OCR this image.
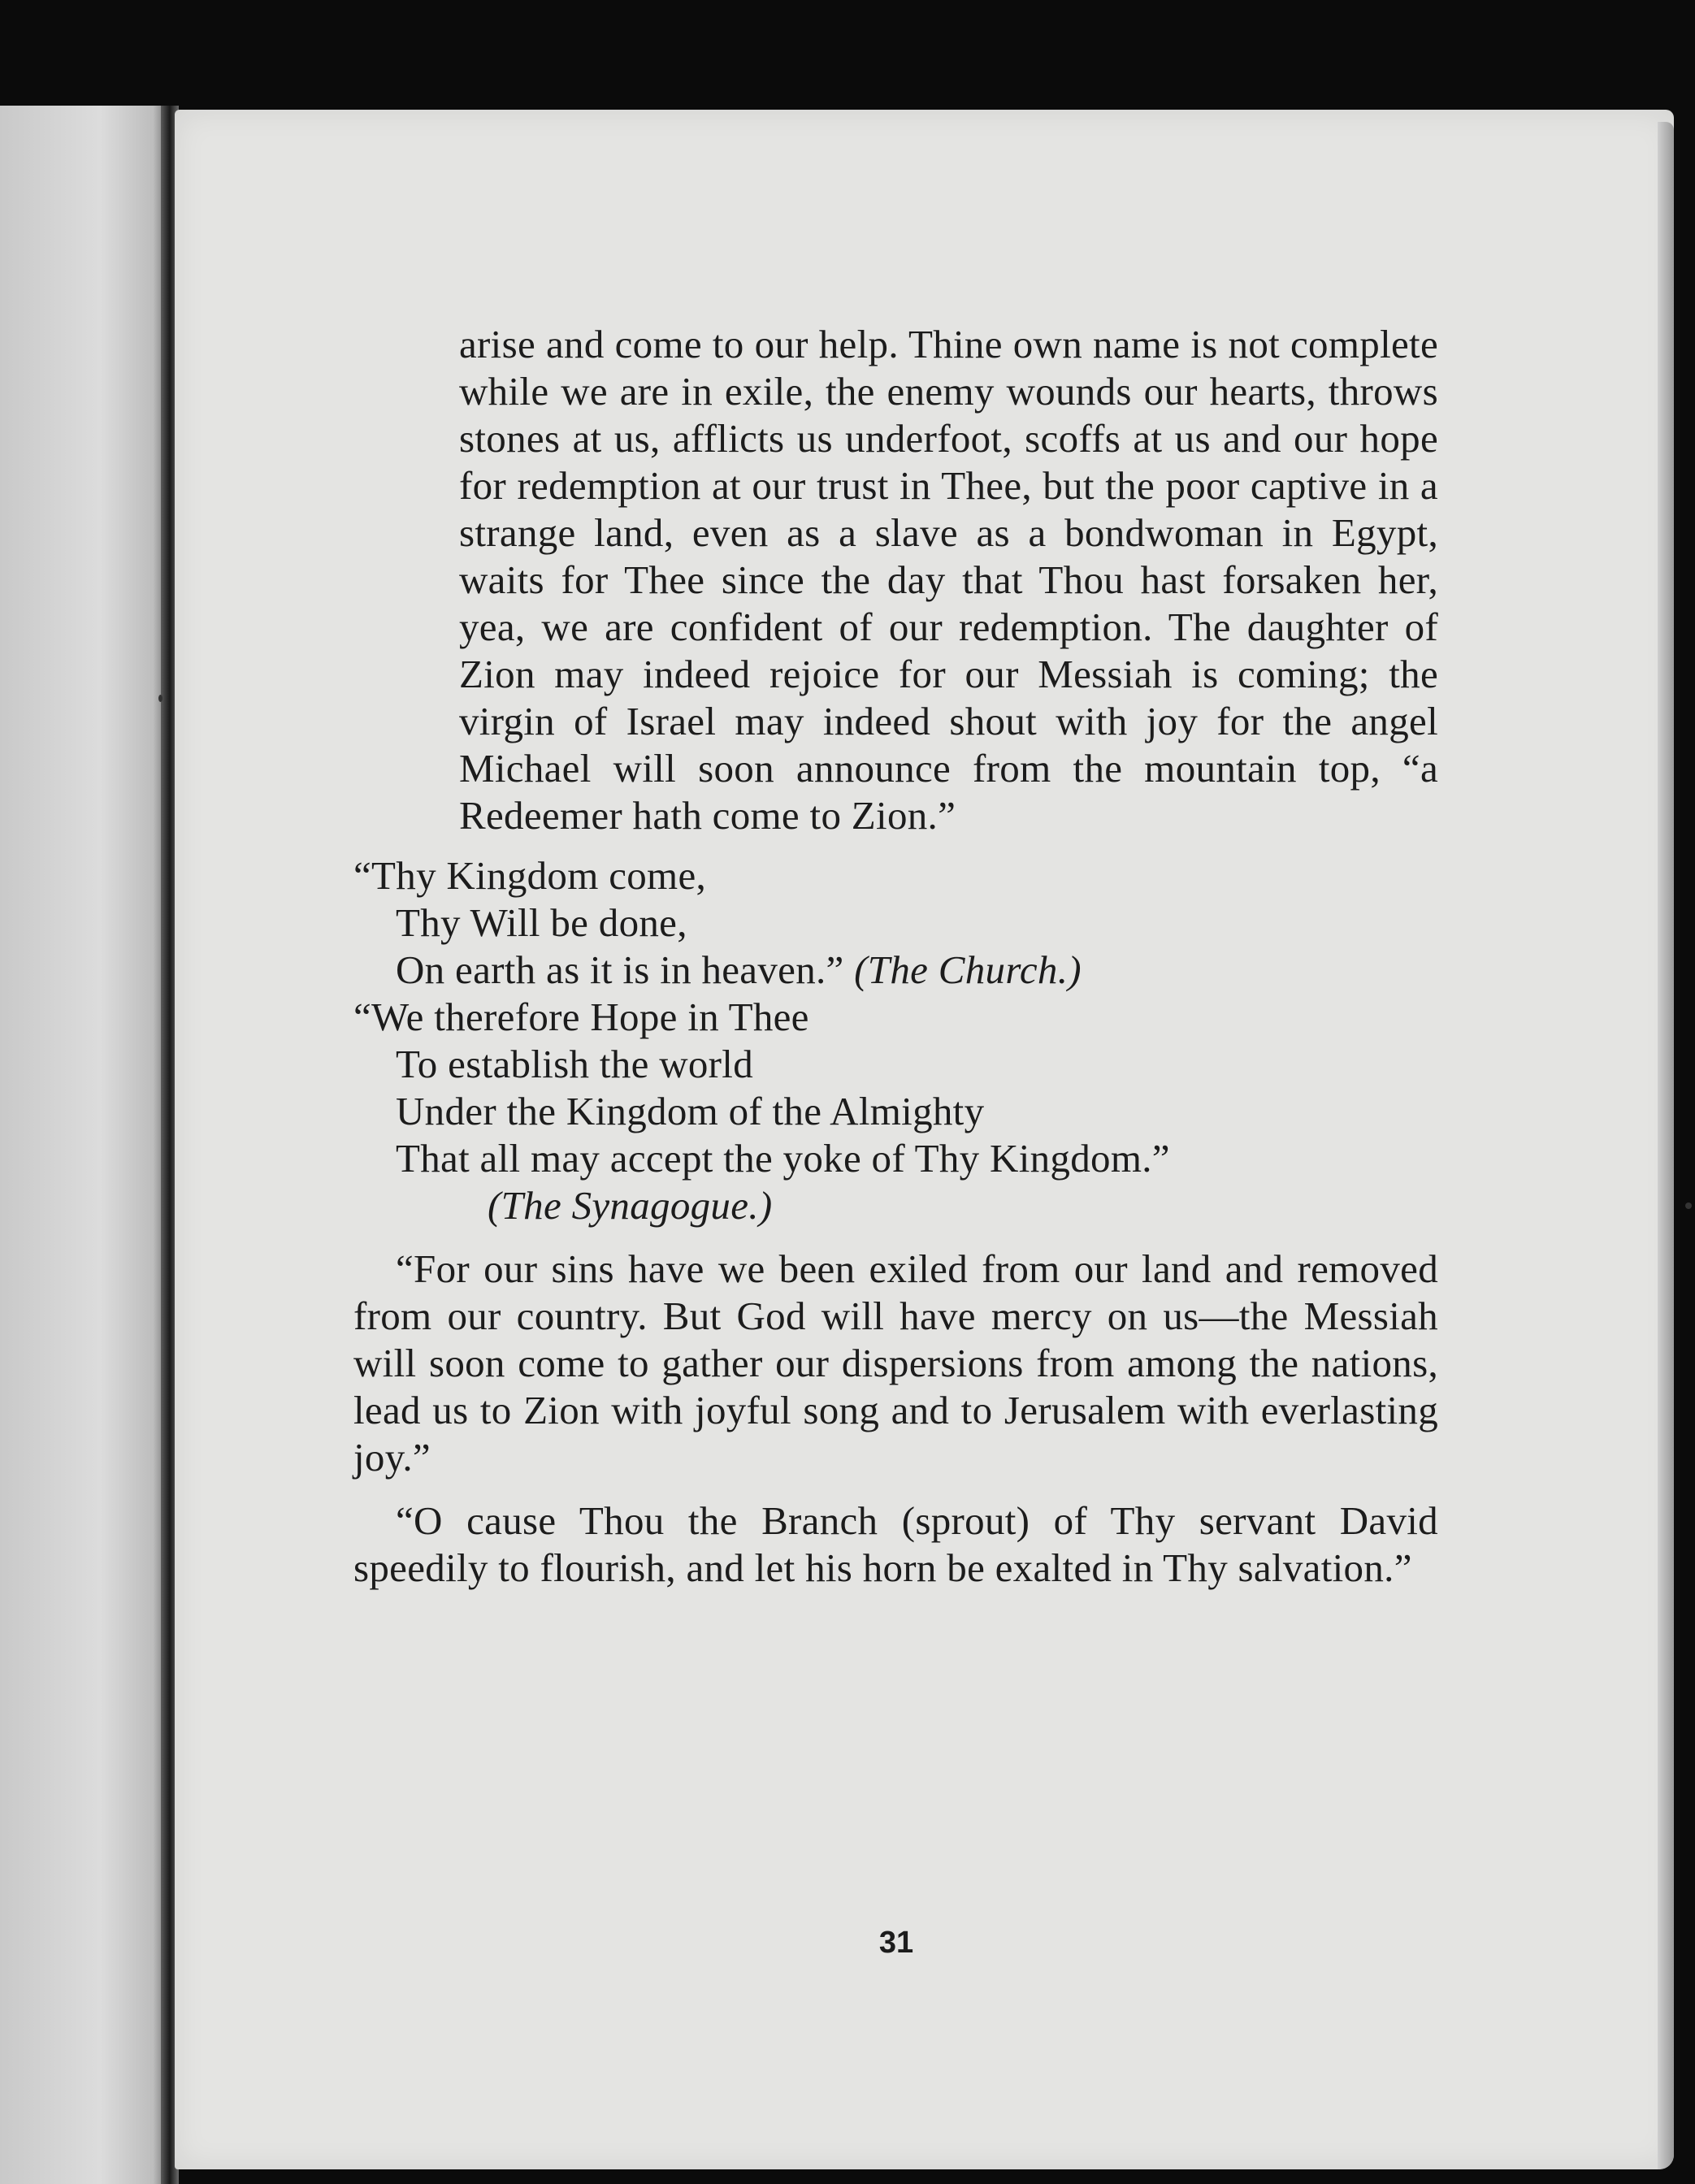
arise and come to our help. Thine own name is not complete while we are in exile, the enemy wounds our hearts, throws stones at us, afflicts us underfoot, scoffs at us and our hope for redemption at our trust in Thee, but the poor captive in a strange land, even as a slave as a bondwoman in Egypt, waits for Thee since the day that Thou hast forsaken her, yea, we are confident of our redemption. The daughter of Zion may indeed rejoice for our Messiah is coming; the virgin of Israel may indeed shout with joy for the angel Michael will soon announce from the mountain top, “a Redeemer hath come to Zion.”

“Thy Kingdom come,
Thy Will be done,
On earth as it is in heaven.” (The Church.)
“We therefore Hope in Thee
To establish the world
Under the Kingdom of the Almighty
That all may accept the yoke of Thy Kingdom.”
(The Synagogue.)

“For our sins have we been exiled from our land and removed from our country. But God will have mercy on us—the Messiah will soon come to gather our dispersions from among the nations, lead us to Zion with joyful song and to Jerusalem with everlasting joy.”

“O cause Thou the Branch (sprout) of Thy servant David speedily to flourish, and let his horn be exalted in Thy salvation.”

31
